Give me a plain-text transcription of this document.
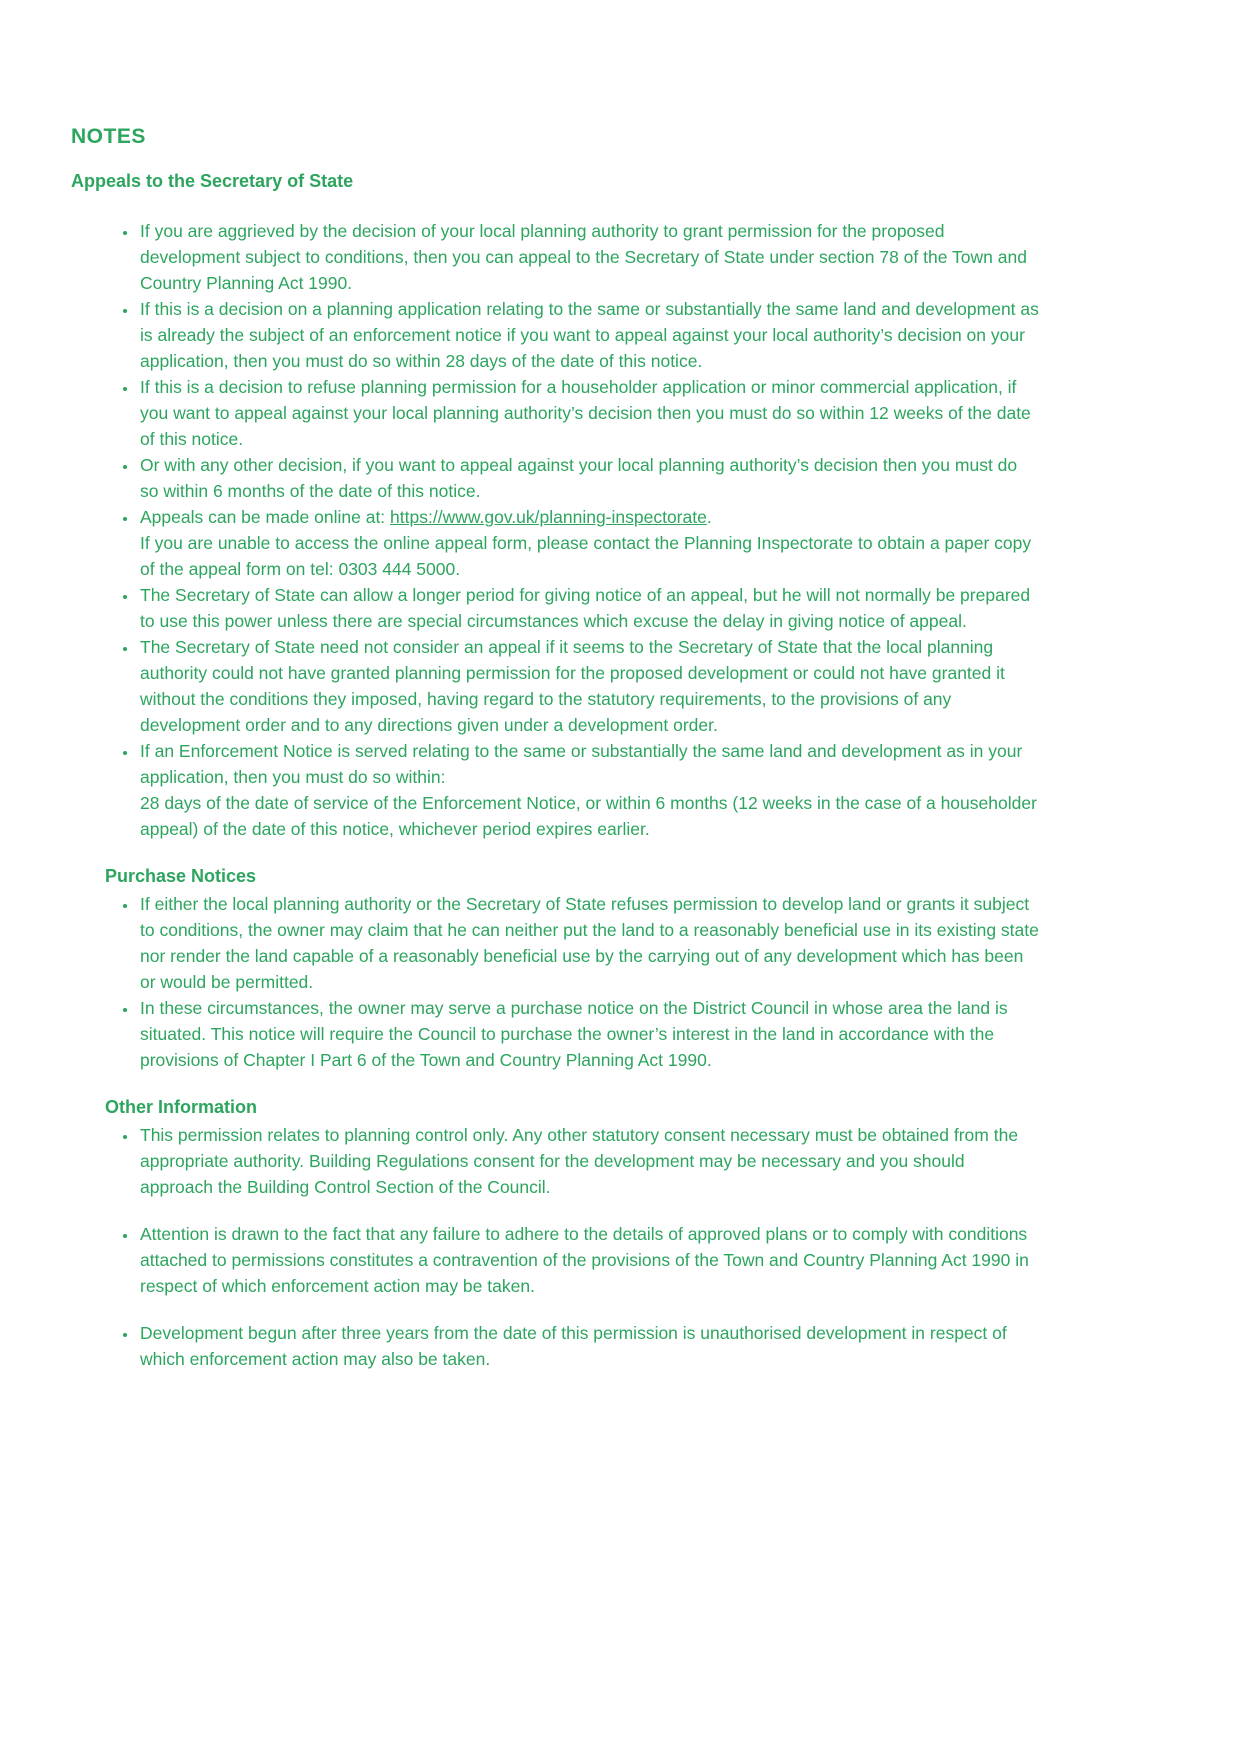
NOTES
Appeals to the Secretary of State
• If you are aggrieved by the decision of your local planning authority to grant permission for the proposed development subject to conditions, then you can appeal to the Secretary of State under section 78 of the Town and Country Planning Act 1990.
• If this is a decision on a planning application relating to the same or substantially the same land and development as is already the subject of an enforcement notice if you want to appeal against your local authority’s decision on your application, then you must do so within 28 days of the date of this notice.
• If this is a decision to refuse planning permission for a householder application or minor commercial application, if you want to appeal against your local planning authority’s decision then you must do so within 12 weeks of the date of this notice.
• Or with any other decision, if you want to appeal against your local planning authority’s decision then you must do so within 6 months of the date of this notice.
• Appeals can be made online at: https://www.gov.uk/planning-inspectorate.
If you are unable to access the online appeal form, please contact the Planning Inspectorate to obtain a paper copy of the appeal form on tel: 0303 444 5000.
• The Secretary of State can allow a longer period for giving notice of an appeal, but he will not normally be prepared to use this power unless there are special circumstances which excuse the delay in giving notice of appeal.
• The Secretary of State need not consider an appeal if it seems to the Secretary of State that the local planning authority could not have granted planning permission for the proposed development or could not have granted it without the conditions they imposed, having regard to the statutory requirements, to the provisions of any development order and to any directions given under a development order.
• If an Enforcement Notice is served relating to the same or substantially the same land and development as in your application, then you must do so within:
28 days of the date of service of the Enforcement Notice, or within 6 months (12 weeks in the case of a householder appeal) of the date of this notice, whichever period expires earlier.
Purchase Notices
• If either the local planning authority or the Secretary of State refuses permission to develop land or grants it subject to conditions, the owner may claim that he can neither put the land to a reasonably beneficial use in its existing state nor render the land capable of a reasonably beneficial use by the carrying out of any development which has been or would be permitted.
• In these circumstances, the owner may serve a purchase notice on the District Council in whose area the land is situated. This notice will require the Council to purchase the owner’s interest in the land in accordance with the provisions of Chapter I Part 6 of the Town and Country Planning Act 1990.
Other Information
• This permission relates to planning control only. Any other statutory consent necessary must be obtained from the appropriate authority. Building Regulations consent for the development may be necessary and you should approach the Building Control Section of the Council.
• Attention is drawn to the fact that any failure to adhere to the details of approved plans or to comply with conditions attached to permissions constitutes a contravention of the provisions of the Town and Country Planning Act 1990 in respect of which enforcement action may be taken.
• Development begun after three years from the date of this permission is unauthorised development in respect of which enforcement action may also be taken.
